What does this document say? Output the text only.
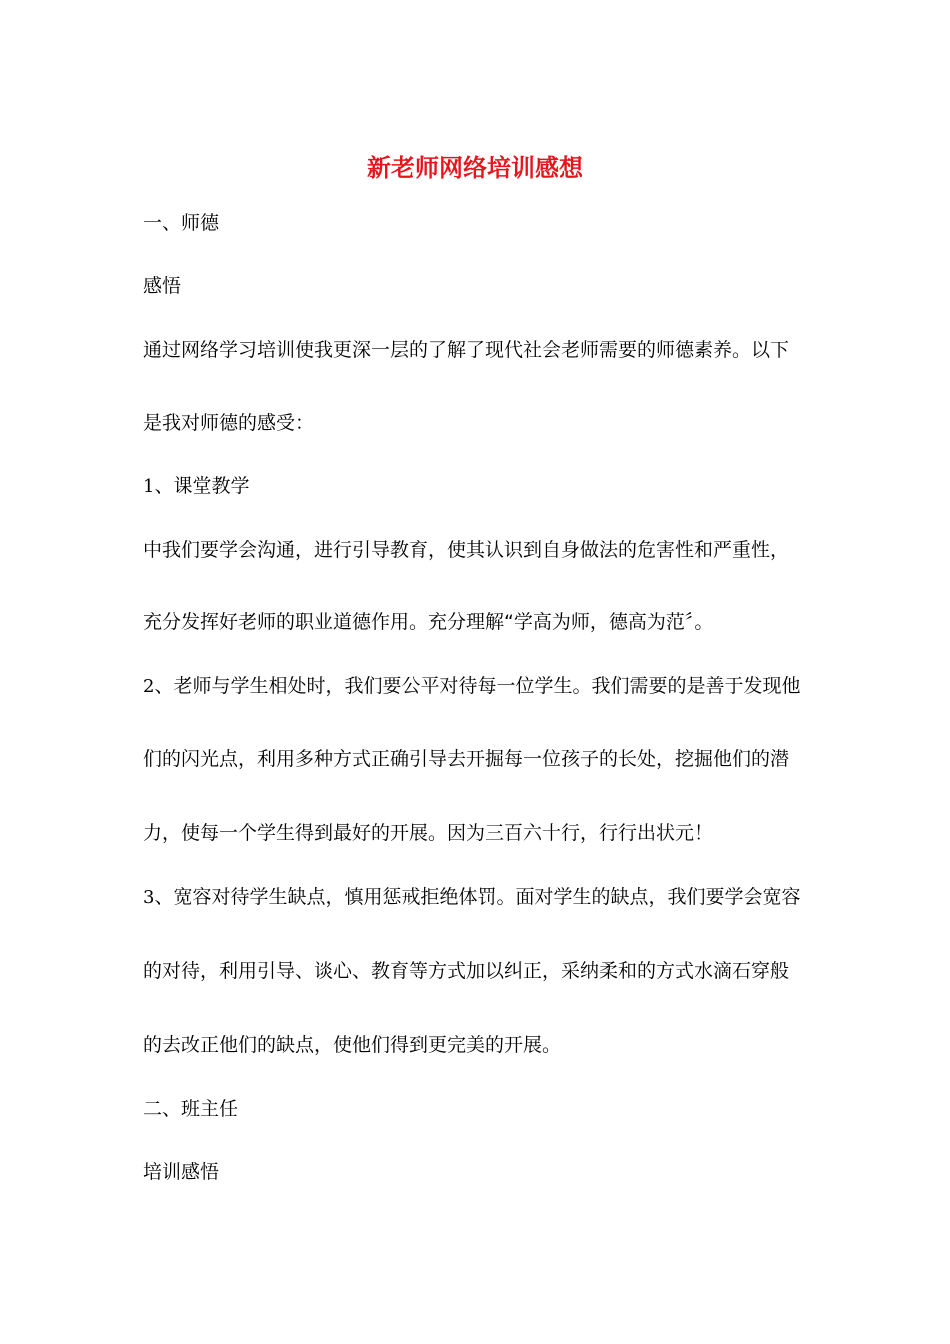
新老师网络培训感想
一、师德
感悟
通过网络学习培训使我更深一层的了解了现代社会老师需要的师德素养。以下
是我对师德的感受：
1、课堂教学
中我们要学会沟通，进行引导教育，使其认识到自身做法的危害性和严重性，
充分发挥好老师的职业道德作用。充分理解“学高为师，德高为范〞。
2、老师与学生相处时，我们要公平对待每一位学生。我们需要的是善于发现他
们的闪光点，利用多种方式正确引导去开掘每一位孩子的长处，挖掘他们的潜
力，使每一个学生得到最好的开展。因为三百六十行，行行出状元！
3、宽容对待学生缺点，慎用惩戒拒绝体罚。面对学生的缺点，我们要学会宽容
的对待，利用引导、谈心、教育等方式加以纠正，采纳柔和的方式水滴石穿般
的去改正他们的缺点，使他们得到更完美的开展。
二、班主任
培训感悟
